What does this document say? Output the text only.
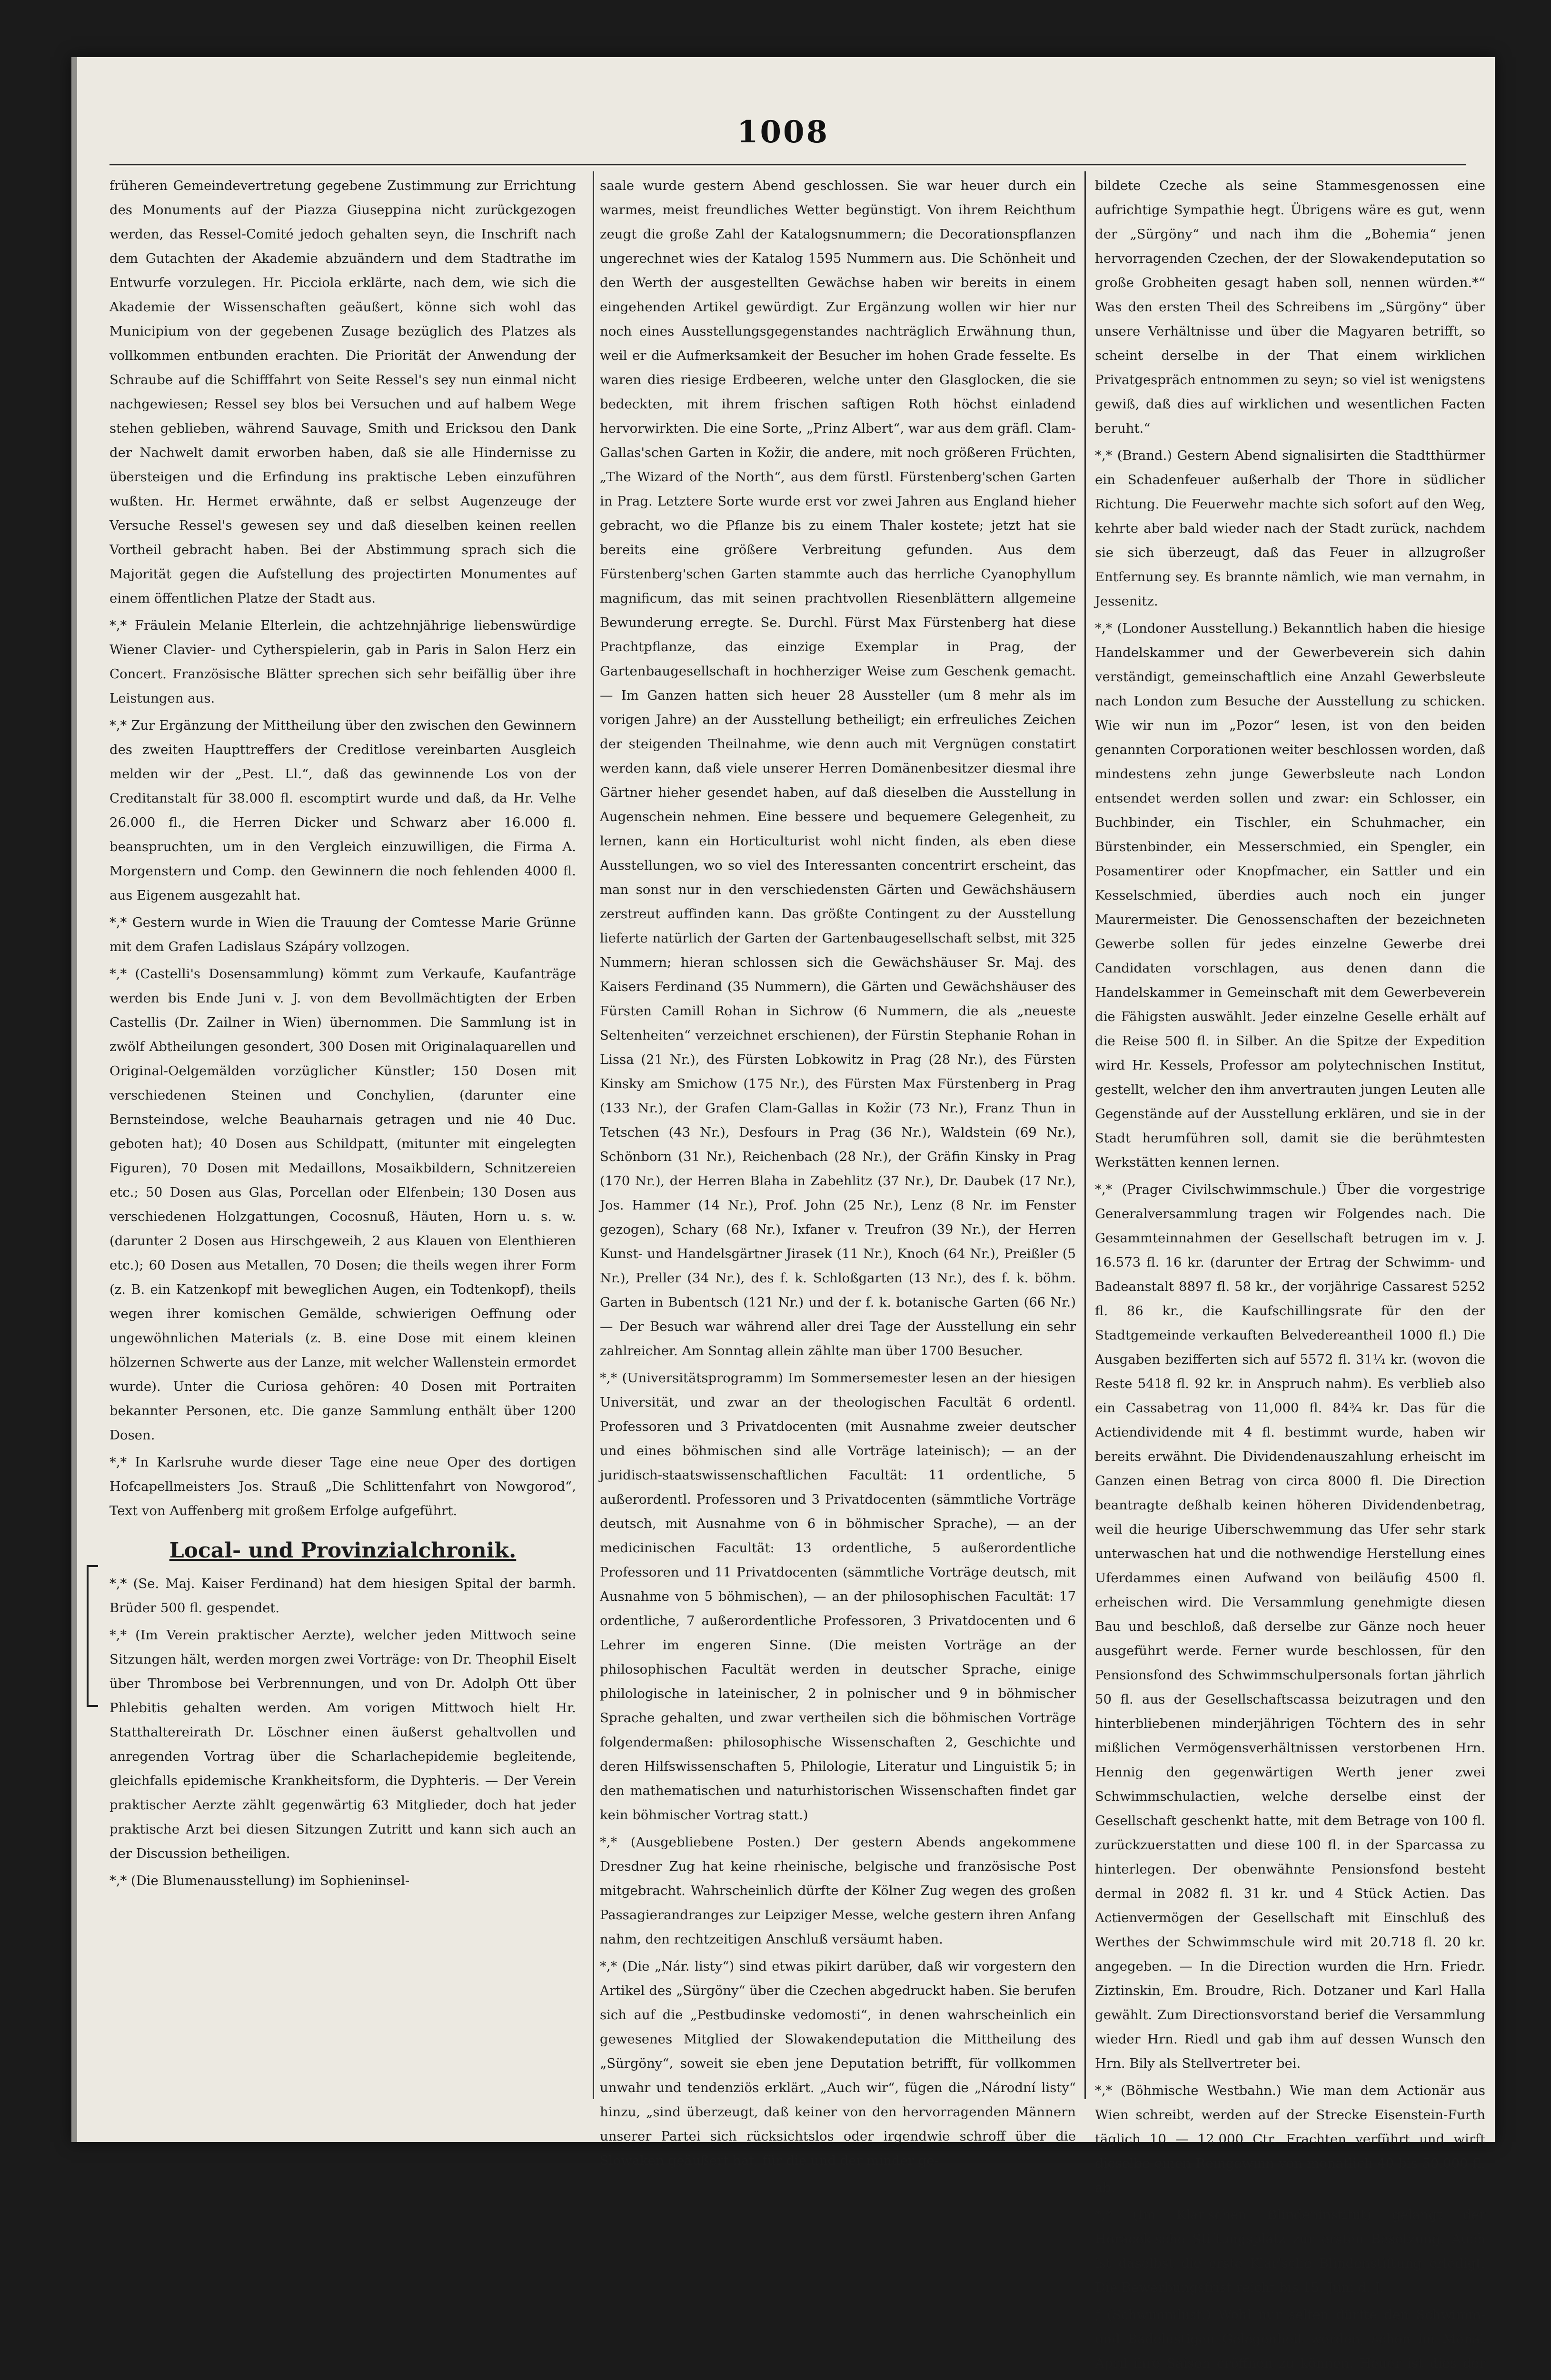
1008

früheren Gemeindevertretung gegebene Zustimmung zur Errichtung des Monuments auf der Piazza Giuseppina nicht zurückgezogen werden, das Ressel-Comité jedoch gehalten seyn, die Inschrift nach dem Gutachten der Akademie abzuändern und dem Stadtrathe im Entwurfe vorzulegen. Hr. Picciola erklärte, nach dem, wie sich die Akademie der Wissenschaften geäußert, könne sich wohl das Municipium von der gegebenen Zusage bezüglich des Platzes als vollkommen entbunden erachten. Die Priorität der Anwendung der Schraube auf die Schifffahrt von Seite Ressel's sey nun einmal nicht nachgewiesen; Ressel sey blos bei Versuchen und auf halbem Wege stehen geblieben, während Sauvage, Smith und Ericksou den Dank der Nachwelt damit erworben haben, daß sie alle Hindernisse zu übersteigen und die Erfindung ins praktische Leben einzuführen wußten. Hr. Hermet erwähnte, daß er selbst Augenzeuge der Versuche Ressel's gewesen sey und daß dieselben keinen reellen Vortheil gebracht haben. Bei der Abstimmung sprach sich die Majorität gegen die Aufstellung des projectirten Monumentes auf einem öffentlichen Platze der Stadt aus.

*,* Fräulein Melanie Elterlein, die achtzehnjährige liebenswürdige Wiener Clavier- und Cytherspielerin, gab in Paris in Salon Herz ein Concert. Französische Blätter sprechen sich sehr beifällig über ihre Leistungen aus.

*,* Zur Ergänzung der Mittheilung über den zwischen den Gewinnern des zweiten Haupttreffers der Creditlose vereinbarten Ausgleich melden wir der „Pest. Ll.“, daß das gewinnende Los von der Creditanstalt für 38.000 fl. escomptirt wurde und daß, da Hr. Velhe 26.000 fl., die Herren Dicker und Schwarz aber 16.000 fl. beanspruchten, um in den Vergleich einzuwilligen, die Firma A. Morgenstern und Comp. den Gewinnern die noch fehlenden 4000 fl. aus Eigenem ausgezahlt hat.

*,* Gestern wurde in Wien die Trauung der Comtesse Marie Grünne mit dem Grafen Ladislaus Szápáry vollzogen.

*,* (Castelli's Dosensammlung) kömmt zum Verkaufe, Kaufanträge werden bis Ende Juni v. J. von dem Bevollmächtigten der Erben Castellis (Dr. Zailner in Wien) übernommen. Die Sammlung ist in zwölf Abtheilungen gesondert, 300 Dosen mit Originalaquarellen und Original-Oelgemälden vorzüglicher Künstler; 150 Dosen mit verschiedenen Steinen und Conchylien, (darunter eine Bernsteindose, welche Beauharnais getragen und nie 40 Duc. geboten hat); 40 Dosen aus Schildpatt, (mitunter mit eingelegten Figuren), 70 Dosen mit Medaillons, Mosaikbildern, Schnitzereien etc.; 50 Dosen aus Glas, Porcellan oder Elfenbein; 130 Dosen aus verschiedenen Holzgattungen, Cocosnuß, Häuten, Horn u. s. w. (darunter 2 Dosen aus Hirschgeweih, 2 aus Klauen von Elenthieren etc.); 60 Dosen aus Metallen, 70 Dosen; die theils wegen ihrer Form (z. B. ein Katzenkopf mit beweglichen Augen, ein Todtenkopf), theils wegen ihrer komischen Gemälde, schwierigen Oeffnung oder ungewöhnlichen Materials (z. B. eine Dose mit einem kleinen hölzernen Schwerte aus der Lanze, mit welcher Wallenstein ermordet wurde). Unter die Curiosa gehören: 40 Dosen mit Portraiten bekannter Personen, etc. Die ganze Sammlung enthält über 1200 Dosen.

*,* In Karlsruhe wurde dieser Tage eine neue Oper des dortigen Hofcapellmeisters Jos. Strauß „Die Schlittenfahrt von Nowgorod“, Text von Auffenberg mit großem Erfolge aufgeführt.

Local- und Provinzialchronik.

*,* (Se. Maj. Kaiser Ferdinand) hat dem hiesigen Spital der barmh. Brüder 500 fl. gespendet.

*,* (Im Verein praktischer Aerzte), welcher jeden Mittwoch seine Sitzungen hält, werden morgen zwei Vorträge: von Dr. Theophil Eiselt über Thrombose bei Verbrennungen, und von Dr. Adolph Ott über Phlebitis gehalten werden. Am vorigen Mittwoch hielt Hr. Statthaltereirath Dr. Löschner einen äußerst gehaltvollen und anregenden Vortrag über die Scharlachepidemie begleitende, gleichfalls epidemische Krankheitsform, die Dyphteris. — Der Verein praktischer Aerzte zählt gegenwärtig 63 Mitglieder, doch hat jeder praktische Arzt bei diesen Sitzungen Zutritt und kann sich auch an der Discussion betheiligen.

*,* (Die Blumenausstellung) im Sophieninsel-

saale wurde gestern Abend geschlossen. Sie war heuer durch ein warmes, meist freundliches Wetter begünstigt. Von ihrem Reichthum zeugt die große Zahl der Katalogsnummern; die Decorationspflanzen ungerechnet wies der Katalog 1595 Nummern aus. Die Schönheit und den Werth der ausgestellten Gewächse haben wir bereits in einem eingehenden Artikel gewürdigt. Zur Ergänzung wollen wir hier nur noch eines Ausstellungsgegenstandes nachträglich Erwähnung thun, weil er die Aufmerksamkeit der Besucher im hohen Grade fesselte. Es waren dies riesige Erdbeeren, welche unter den Glasglocken, die sie bedeckten, mit ihrem frischen saftigen Roth höchst einladend hervorwirkten. Die eine Sorte, „Prinz Albert“, war aus dem gräfl. Clam-Gallas'schen Garten in Kožir, die andere, mit noch größeren Früchten, „The Wizard of the North“, aus dem fürstl. Fürstenberg'schen Garten in Prag. Letztere Sorte wurde erst vor zwei Jahren aus England hieher gebracht, wo die Pflanze bis zu einem Thaler kostete; jetzt hat sie bereits eine größere Verbreitung gefunden. Aus dem Fürstenberg'schen Garten stammte auch das herrliche Cyanophyllum magnificum, das mit seinen prachtvollen Riesenblättern allgemeine Bewunderung erregte. Se. Durchl. Fürst Max Fürstenberg hat diese Prachtpflanze, das einzige Exemplar in Prag, der Gartenbaugesellschaft in hochherziger Weise zum Geschenk gemacht. — Im Ganzen hatten sich heuer 28 Aussteller (um 8 mehr als im vorigen Jahre) an der Ausstellung betheiligt; ein erfreuliches Zeichen der steigenden Theilnahme, wie denn auch mit Vergnügen constatirt werden kann, daß viele unserer Herren Domänenbesitzer diesmal ihre Gärtner hieher gesendet haben, auf daß dieselben die Ausstellung in Augenschein nehmen. Eine bessere und bequemere Gelegenheit, zu lernen, kann ein Horticulturist wohl nicht finden, als eben diese Ausstellungen, wo so viel des Interessanten concentrirt erscheint, das man sonst nur in den verschiedensten Gärten und Gewächshäusern zerstreut auffinden kann. Das größte Contingent zu der Ausstellung lieferte natürlich der Garten der Gartenbaugesellschaft selbst, mit 325 Nummern; hieran schlossen sich die Gewächshäuser Sr. Maj. des Kaisers Ferdinand (35 Nummern), die Gärten und Gewächshäuser des Fürsten Camill Rohan in Sichrow (6 Nummern, die als „neueste Seltenheiten“ verzeichnet erschienen), der Fürstin Stephanie Rohan in Lissa (21 Nr.), des Fürsten Lobkowitz in Prag (28 Nr.), des Fürsten Kinsky am Smichow (175 Nr.), des Fürsten Max Fürstenberg in Prag (133 Nr.), der Grafen Clam-Gallas in Kožir (73 Nr.), Franz Thun in Tetschen (43 Nr.), Desfours in Prag (36 Nr.), Waldstein (69 Nr.), Schönborn (31 Nr.), Reichenbach (28 Nr.), der Gräfin Kinsky in Prag (170 Nr.), der Herren Blaha in Zabehlitz (37 Nr.), Dr. Daubek (17 Nr.), Jos. Hammer (14 Nr.), Prof. John (25 Nr.), Lenz (8 Nr. im Fenster gezogen), Schary (68 Nr.), Ixfaner v. Treufron (39 Nr.), der Herren Kunst- und Handelsgärtner Jirasek (11 Nr.), Knoch (64 Nr.), Preißler (5 Nr.), Preller (34 Nr.), des f. k. Schloßgarten (13 Nr.), des f. k. böhm. Garten in Bubentsch (121 Nr.) und der f. k. botanische Garten (66 Nr.) — Der Besuch war während aller drei Tage der Ausstellung ein sehr zahlreicher. Am Sonntag allein zählte man über 1700 Besucher.

*,* (Universitätsprogramm) Im Sommersemester lesen an der hiesigen Universität, und zwar an der theologischen Facultät 6 ordentl. Professoren und 3 Privatdocenten (mit Ausnahme zweier deutscher und eines böhmischen sind alle Vorträge lateinisch); — an der juridisch-staatswissenschaftlichen Facultät: 11 ordentliche, 5 außerordentl. Professoren und 3 Privatdocenten (sämmtliche Vorträge deutsch, mit Ausnahme von 6 in böhmischer Sprache), — an der medicinischen Facultät: 13 ordentliche, 5 außerordentliche Professoren und 11 Privatdocenten (sämmtliche Vorträge deutsch, mit Ausnahme von 5 böhmischen), — an der philosophischen Facultät: 17 ordentliche, 7 außerordentliche Professoren, 3 Privatdocenten und 6 Lehrer im engeren Sinne. (Die meisten Vorträge an der philosophischen Facultät werden in deutscher Sprache, einige philologische in lateinischer, 2 in polnischer und 9 in böhmischer Sprache gehalten, und zwar vertheilen sich die böhmischen Vorträge folgendermaßen: philosophische Wissenschaften 2, Geschichte und deren Hilfswissenschaften 5, Philologie, Literatur und Linguistik 5; in den mathematischen und naturhistorischen Wissenschaften findet gar kein böhmischer Vortrag statt.)

*,* (Ausgebliebene Posten.) Der gestern Abends angekommene Dresdner Zug hat keine rheinische, belgische und französische Post mitgebracht. Wahrscheinlich dürfte der Kölner Zug wegen des großen Passagierandranges zur Leipziger Messe, welche gestern ihren Anfang nahm, den rechtzeitigen Anschluß versäumt haben.

*,* (Die „Nár. listy“) sind etwas pikirt darüber, daß wir vorgestern den Artikel des „Sürgöny“ über die Czechen abgedruckt haben. Sie berufen sich auf die „Pestbudinske vedomosti“, in denen wahrscheinlich ein gewesenes Mitglied der Slowakendeputation die Mittheilung des „Sürgöny“, soweit sie eben jene Deputation betrifft, für vollkommen unwahr und tendenziös erklärt. „Auch wir“, fügen die „Národní listy“ hinzu, „sind überzeugt, daß keiner von den hervorragenden Männern unserer Partei sich rücksichtslos oder irgendwie schroff über die Slowaken geäußert hat, für die und der minder ge-

bildete Czeche als seine Stammesgenossen eine aufrichtige Sympathie hegt. Übrigens wäre es gut, wenn der „Sürgöny“ und nach ihm die „Bohemia“ jenen hervorragenden Czechen, der der Slowakendeputation so große Grobheiten gesagt haben soll, nennen würden.*“ Was den ersten Theil des Schreibens im „Sürgöny“ über unsere Verhältnisse und über die Magyaren betrifft, so scheint derselbe in der That einem wirklichen Privatgespräch entnommen zu seyn; so viel ist wenigstens gewiß, daß dies auf wirklichen und wesentlichen Facten beruht.“

*,* (Brand.) Gestern Abend signalisirten die Stadtthürmer ein Schadenfeuer außerhalb der Thore in südlicher Richtung. Die Feuerwehr machte sich sofort auf den Weg, kehrte aber bald wieder nach der Stadt zurück, nachdem sie sich überzeugt, daß das Feuer in allzugroßer Entfernung sey. Es brannte nämlich, wie man vernahm, in Jessenitz.

*,* (Londoner Ausstellung.) Bekanntlich haben die hiesige Handelskammer und der Gewerbeverein sich dahin verständigt, gemeinschaftlich eine Anzahl Gewerbsleute nach London zum Besuche der Ausstellung zu schicken. Wie wir nun im „Pozor“ lesen, ist von den beiden genannten Corporationen weiter beschlossen worden, daß mindestens zehn junge Gewerbsleute nach London entsendet werden sollen und zwar: ein Schlosser, ein Buchbinder, ein Tischler, ein Schuhmacher, ein Bürstenbinder, ein Messerschmied, ein Spengler, ein Posamentirer oder Knopfmacher, ein Sattler und ein Kesselschmied, überdies auch noch ein junger Maurermeister. Die Genossenschaften der bezeichneten Gewerbe sollen für jedes einzelne Gewerbe drei Candidaten vorschlagen, aus denen dann die Handelskammer in Gemeinschaft mit dem Gewerbeverein die Fähigsten auswählt. Jeder einzelne Geselle erhält auf die Reise 500 fl. in Silber. An die Spitze der Expedition wird Hr. Kessels, Professor am polytechnischen Institut, gestellt, welcher den ihm anvertrauten jungen Leuten alle Gegenstände auf der Ausstellung erklären, und sie in der Stadt herumführen soll, damit sie die berühmtesten Werkstätten kennen lernen.

*,* (Prager Civilschwimmschule.) Über die vorgestrige Generalversammlung tragen wir Folgendes nach. Die Gesammteinnahmen der Gesellschaft betrugen im v. J. 16.573 fl. 16 kr. (darunter der Ertrag der Schwimm- und Badeanstalt 8897 fl. 58 kr., der vorjährige Cassarest 5252 fl. 86 kr., die Kaufschillingsrate für den der Stadtgemeinde verkauften Belvedereantheil 1000 fl.) Die Ausgaben bezifferten sich auf 5572 fl. 31¼ kr. (wovon die Reste 5418 fl. 92 kr. in Anspruch nahm). Es verblieb also ein Cassabetrag von 11,000 fl. 84¾ kr. Das für die Actiendividende mit 4 fl. bestimmt wurde, haben wir bereits erwähnt. Die Dividendenauszahlung erheischt im Ganzen einen Betrag von circa 8000 fl. Die Direction beantragte deßhalb keinen höheren Dividendenbetrag, weil die heurige Uiberschwemmung das Ufer sehr stark unterwaschen hat und die nothwendige Herstellung eines Uferdammes einen Aufwand von beiläufig 4500 fl. erheischen wird. Die Versammlung genehmigte diesen Bau und beschloß, daß derselbe zur Gänze noch heuer ausgeführt werde. Ferner wurde beschlossen, für den Pensionsfond des Schwimmschulpersonals fortan jährlich 50 fl. aus der Gesellschaftscassa beizutragen und den hinterbliebenen minderjährigen Töchtern des in sehr mißlichen Vermögensverhältnissen verstorbenen Hrn. Hennig den gegenwärtigen Werth jener zwei Schwimmschulactien, welche derselbe einst der Gesellschaft geschenkt hatte, mit dem Betrage von 100 fl. zurückzuerstatten und diese 100 fl. in der Sparcassa zu hinterlegen. Der obenwähnte Pensionsfond besteht dermal in 2082 fl. 31 kr. und 4 Stück Actien. Das Actienvermögen der Gesellschaft mit Einschluß des Werthes der Schwimmschule wird mit 20.718 fl. 20 kr. angegeben. — In die Direction wurden die Hrn. Friedr. Ziztinskin, Em. Broudre, Rich. Dotzaner und Karl Halla gewählt. Zum Directionsvorstand berief die Versammlung wieder Hrn. Riedl und gab ihm auf dessen Wunsch den Hrn. Bily als Stellvertreter bei.

*,* (Böhmische Westbahn.) Wie man dem Actionär aus Wien schreibt, werden auf der Strecke Eisenstein-Furth täglich 10 — 12.000 Ctr. Frachten verführt und wirft dieselbe einen Reingewinn von monatlich 40 bis 50.000 fl. ab.

*,* (Im Klar'schen Blindeninstitut) gelangt der Horacek'sche Stiftungsplatz zur ersten Besetzung. Auch ist daselbst die erste Klar'sche Blindenstiftung erledigt. Die Bewerbungsfrist reicht bis 15. Juni d. J.

ƒ (Schwimmlust.) Wohl nur selten dürfte den Schwimm- und Badelustigen Gelegenheit werden, schon im Monat April ihre Saison eröffnen zu können. Heuer ist dies der
